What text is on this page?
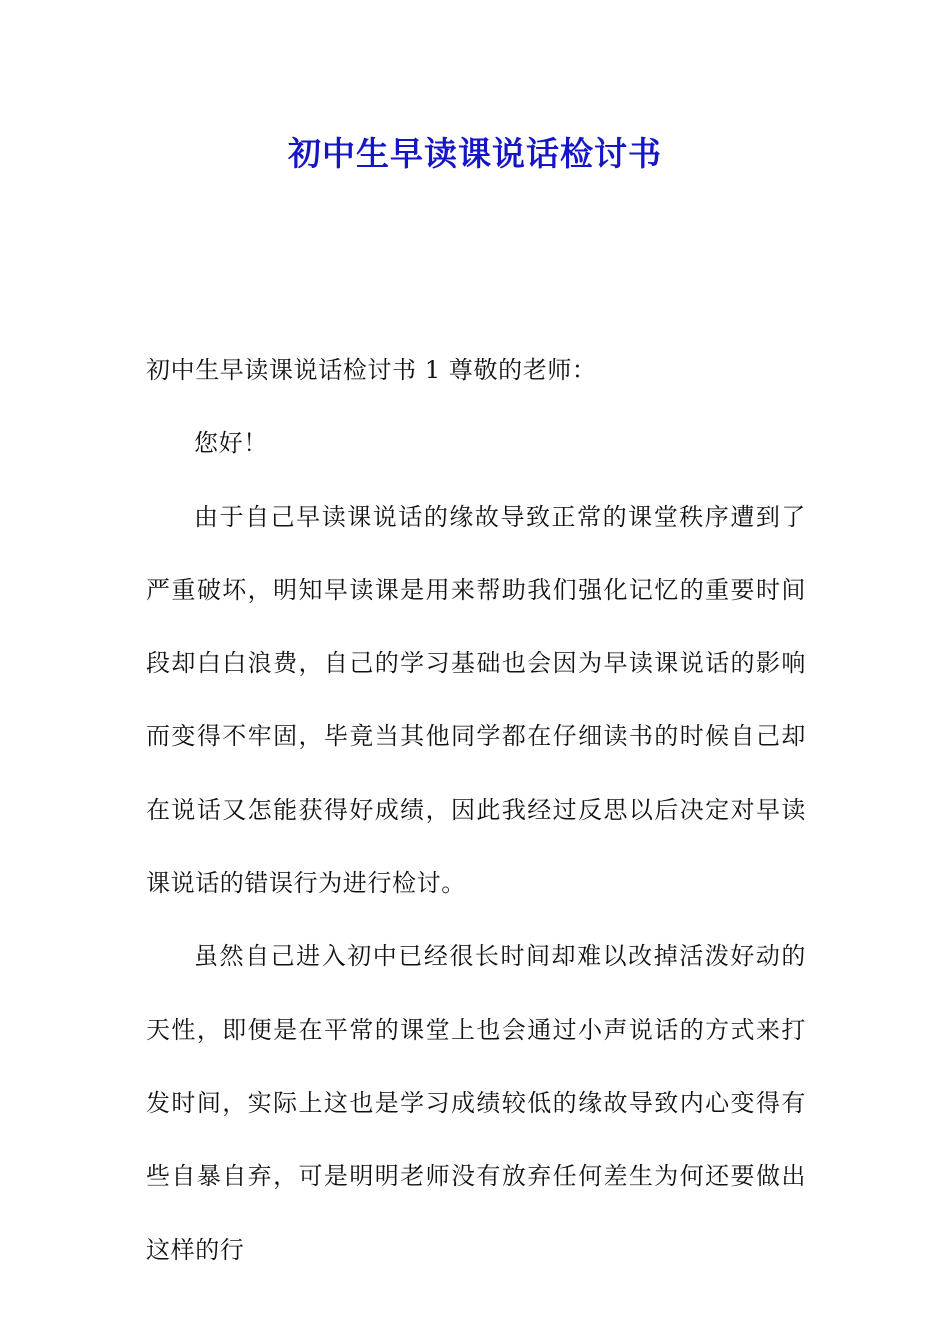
初中生早读课说话检讨书

初中生早读课说话检讨书 1 尊敬的老师：

您好！

由于自己早读课说话的缘故导致正常的课堂秩序遭到了严重破坏，明知早读课是用来帮助我们强化记忆的重要时间段却白白浪费，自己的学习基础也会因为早读课说话的影响而变得不牢固，毕竟当其他同学都在仔细读书的时候自己却在说话又怎能获得好成绩，因此我经过反思以后决定对早读课说话的错误行为进行检讨。

虽然自己进入初中已经很长时间却难以改掉活泼好动的天性，即便是在平常的课堂上也会通过小声说话的方式来打发时间，实际上这也是学习成绩较低的缘故导致内心变得有些自暴自弃，可是明明老师没有放弃任何差生为何还要做出这样的行
